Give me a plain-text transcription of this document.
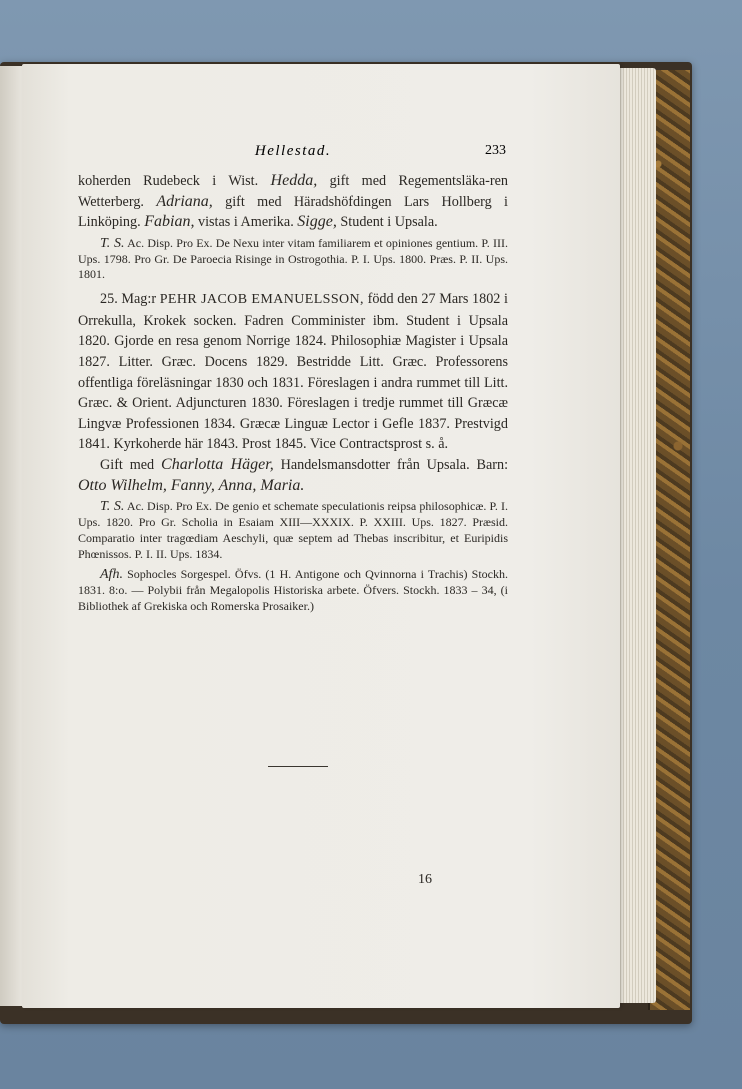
Hellestad.	233

koherden Rudebeck i Wist. Hedda, gift med Regementsläka-ren Wetterberg. Adriana, gift med Häradshöfdingen Lars Hollberg i Linköping. Fabian, vistas i Amerika. Sigge, Student i Upsala.

T. S. Ac. Disp. Pro Ex. De Nexu inter vitam familiarem et opiniones gentium. P. III. Ups. 1798. Pro Gr. De Paroecia Risinge in Ostrogothia. P. I. Ups. 1800. Præs. P. II. Ups. 1801.

25. Mag:r PEHR JACOB EMANUELSSON, född den 27 Mars 1802 i Orrekulla, Krokek socken. Fadren Comminister ibm. Student i Upsala 1820. Gjorde en resa genom Norrige 1824. Philosophiæ Magister i Upsala 1827. Litter. Græc. Docens 1829. Bestridde Litt. Græc. Professorens offentliga föreläsningar 1830 och 1831. Föreslagen i andra rummet till Litt. Græc. & Orient. Adjuncturen 1830. Föreslagen i tredje rummet till Græcæ Lingvæ Professionen 1834. Græcæ Linguæ Lector i Gefle 1837. Prestvigd 1841. Kyrkoherde här 1843. Prost 1845. Vice Contractsprost s. å.

Gift med Charlotta Häger, Handelsmansdotter från Upsala. Barn: Otto Wilhelm, Fanny, Anna, Maria.

T. S. Ac. Disp. Pro Ex. De genio et schemate speculationis reipsa philosophicæ. P. I. Ups. 1820. Pro Gr. Scholia in Esaiam XIII—XXXIX. P. XXIII. Ups. 1827. Præsid. Comparatio inter tragœdiam Aeschyli, quæ septem ad Thebas inscribitur, et Euripidis Phœnissos. P. I. II. Ups. 1834.

Afh. Sophocles Sorgespel. Öfvs. (1 H. Antigone och Qvinnorna i Trachis) Stockh. 1831. 8:o. — Polybii från Megalopolis Historiska arbete. Öfvers. Stockh. 1833 – 34, (i Bibliothek af Grekiska och Romerska Prosaiker.)

16
